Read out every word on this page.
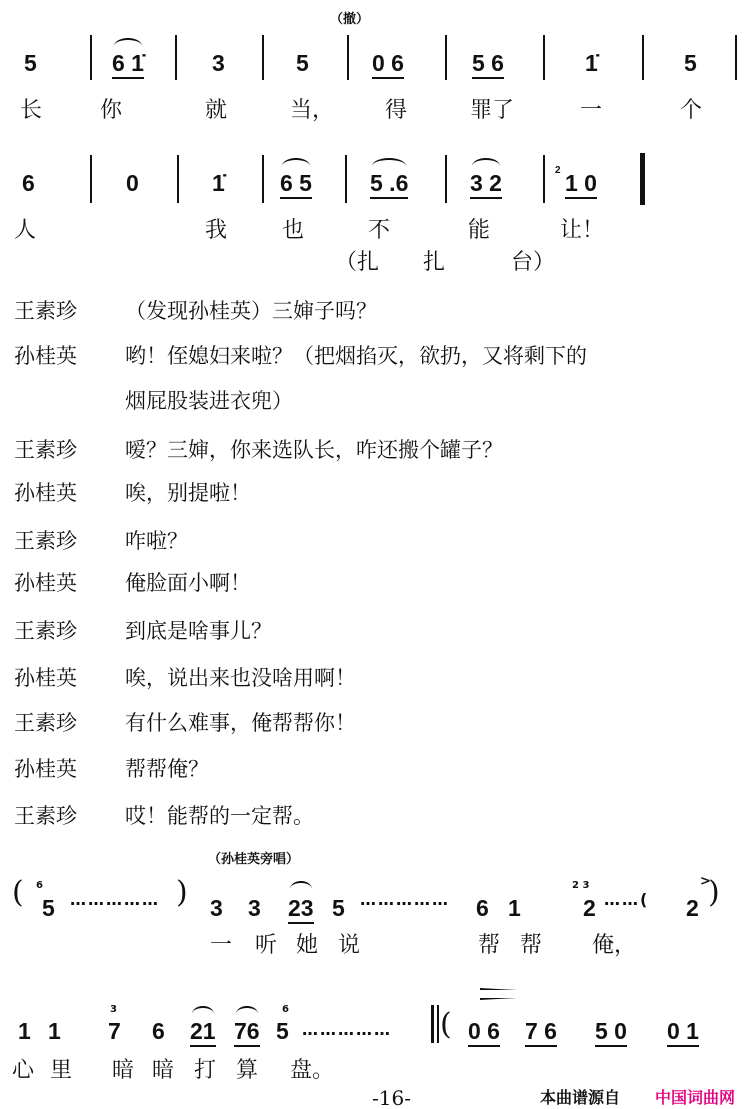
（撤）
5	6 1̇	3	5	0 6	5 6	1̇	5
长	你	就	当， 得	罪了	一	个
6	0	1̇ 6 5	5 .6	3 2	1 0
2
人	我 也	不	能	让！
（扎　　扎　　　台）
王素珍 （发现孙桂英）三婶子吗？
孙桂英 哟！侄媳妇来啦？（把烟掐灭，欲扔，又将剩下的
烟屁股装进衣兜）
王素珍 嗳？三婶，你来选队长，咋还搬个罐子？
孙桂英 唉，别提啦！
王素珍 咋啦？
孙桂英 俺脸面小啊！
王素珍 到底是啥事儿？
孙桂英 唉，说出来也没啥用啊！
王素珍 有什么难事，俺帮帮你！
孙桂英 帮帮俺？
王素珍 哎！能帮的一定帮。
（孙桂英旁唱）
( 5 …………… ) 3 3 23 5 …………… 6 1	2 ……( 2 )
6	2 3	>
一 听 她 说	帮 帮 俺，
1 1 7 6 21 76 5 …………… ( 0 6 7 6 5 0 0 1
3	6
心 里 暗 暗 打 算 盘。
-16-	本曲谱源自 中国词曲网
